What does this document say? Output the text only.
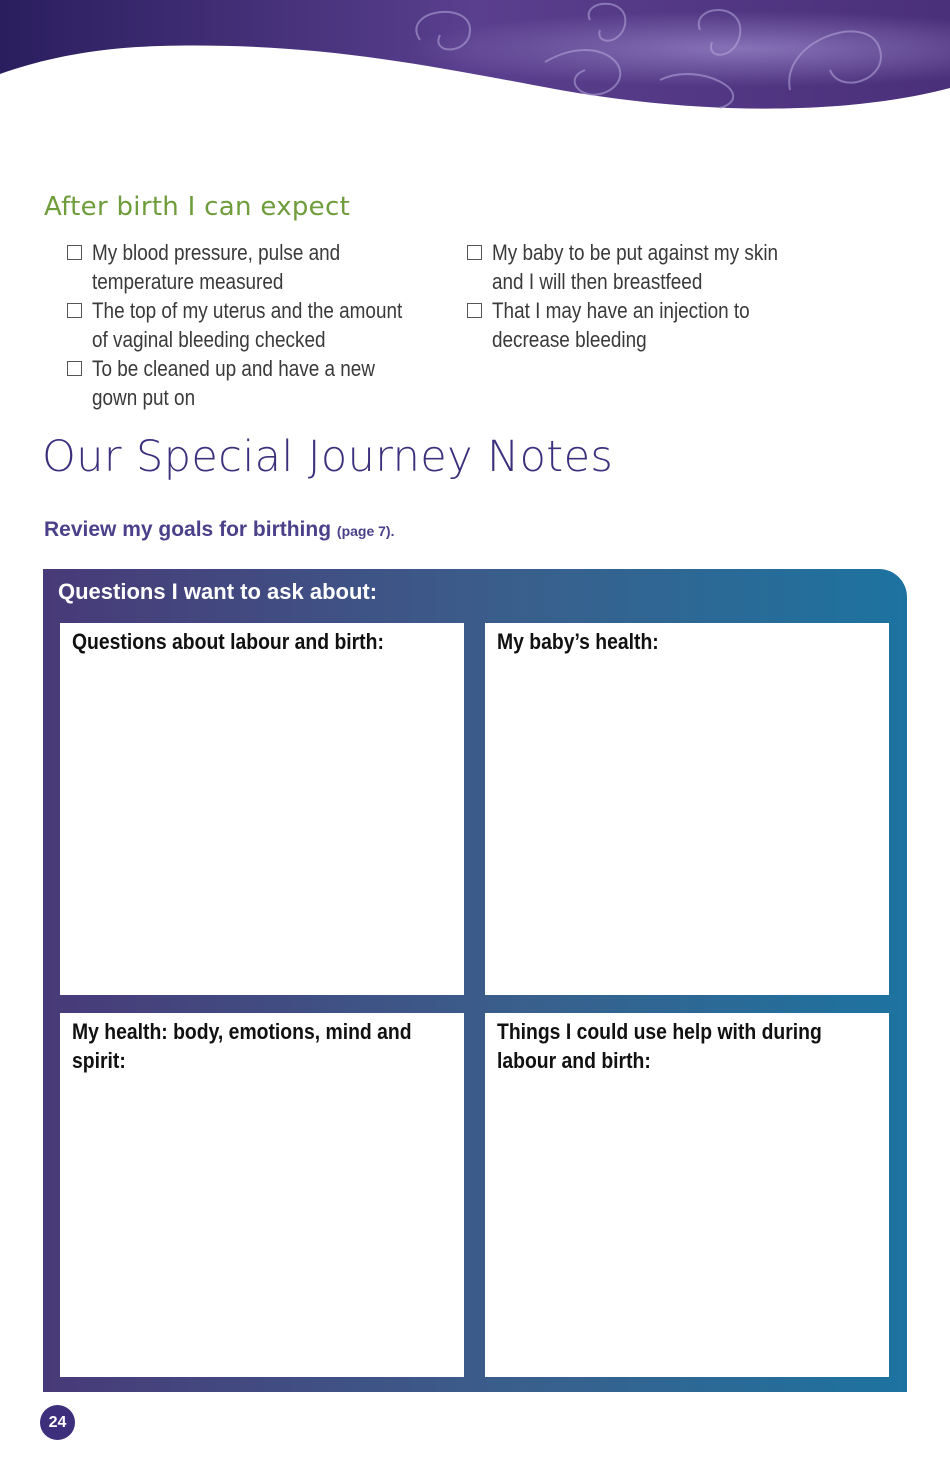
After birth I can expect
My blood pressure, pulse and
temperature measured
The top of my uterus and the amount
of vaginal bleeding checked
To be cleaned up and have a new
gown put on
My baby to be put against my skin
and I will then breastfeed
That I may have an injection to
decrease bleeding
Our Special Journey Notes
Review my goals for birthing (page 7).
Questions I want to ask about:
Questions about labour and birth:	My baby’s health:
My health: body, emotions, mind and
spirit:
Things I could use help with during
labour and birth:
24
